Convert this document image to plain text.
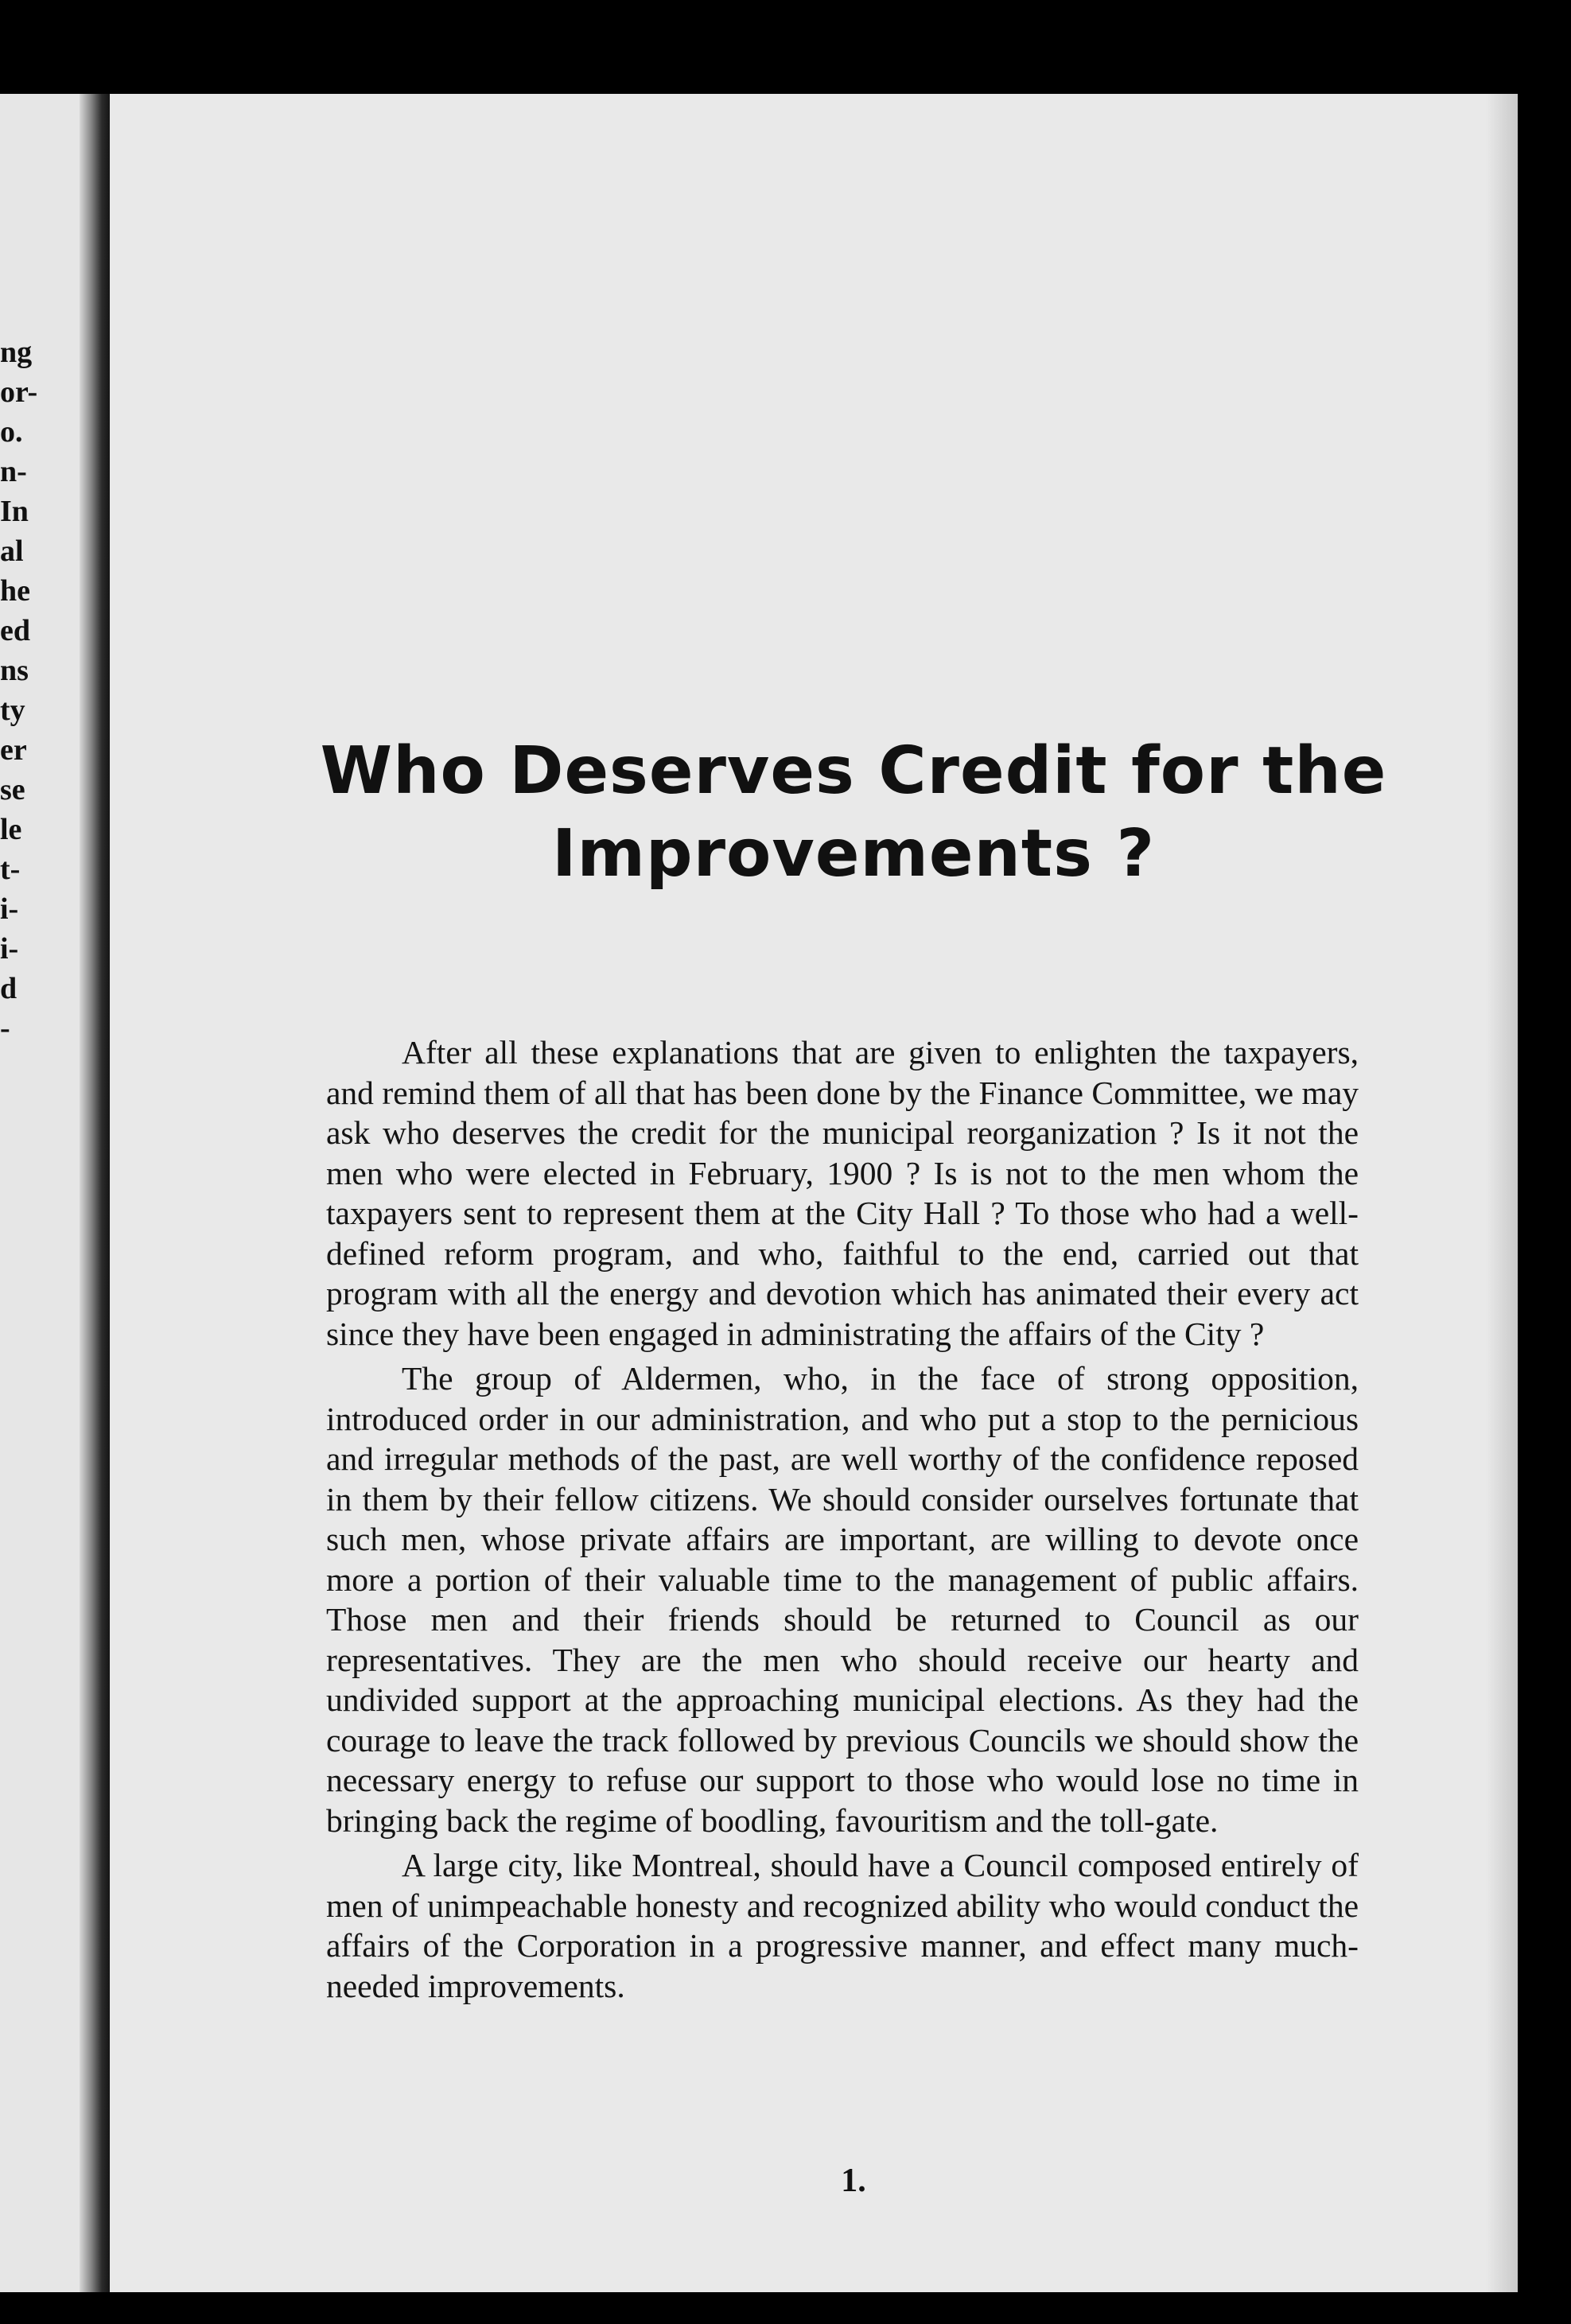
ng
or-
o.
n-
In
al
he
ed
ns
ty
er
se
le
t-
i-
i-
d
-
Who Deserves Credit for the
Improvements ?

After all these explanations that are given to enlighten the taxpayers, and remind them of all that has been done by the Finance Committee, we may ask who deserves the credit for the municipal reorganization ? Is it not the men who were elected in February, 1900 ? Is is not to the men whom the taxpayers sent to represent them at the City Hall ? To those who had a well-defined reform program, and who, faithful to the end, carried out that program with all the energy and devotion which has animated their every act since they have been engaged in administrating the affairs of the City ?

The group of Aldermen, who, in the face of strong opposition, introduced order in our administration, and who put a stop to the pernicious and irregular methods of the past, are well worthy of the confidence reposed in them by their fellow citizens. We should consider ourselves fortunate that such men, whose private affairs are important, are willing to devote once more a portion of their valuable time to the management of public affairs. Those men and their friends should be returned to Council as our representatives. They are the men who should receive our hearty and undivided support at the approaching municipal elections. As they had the courage to leave the track followed by previous Councils we should show the necessary energy to refuse our support to those who would lose no time in bringing back the regime of boodling, favouritism and the toll-gate.

A large city, like Montreal, should have a Council composed entirely of men of unimpeachable honesty and recognized ability who would conduct the affairs of the Corporation in a progressive manner, and effect many much-needed improvements.

1.
